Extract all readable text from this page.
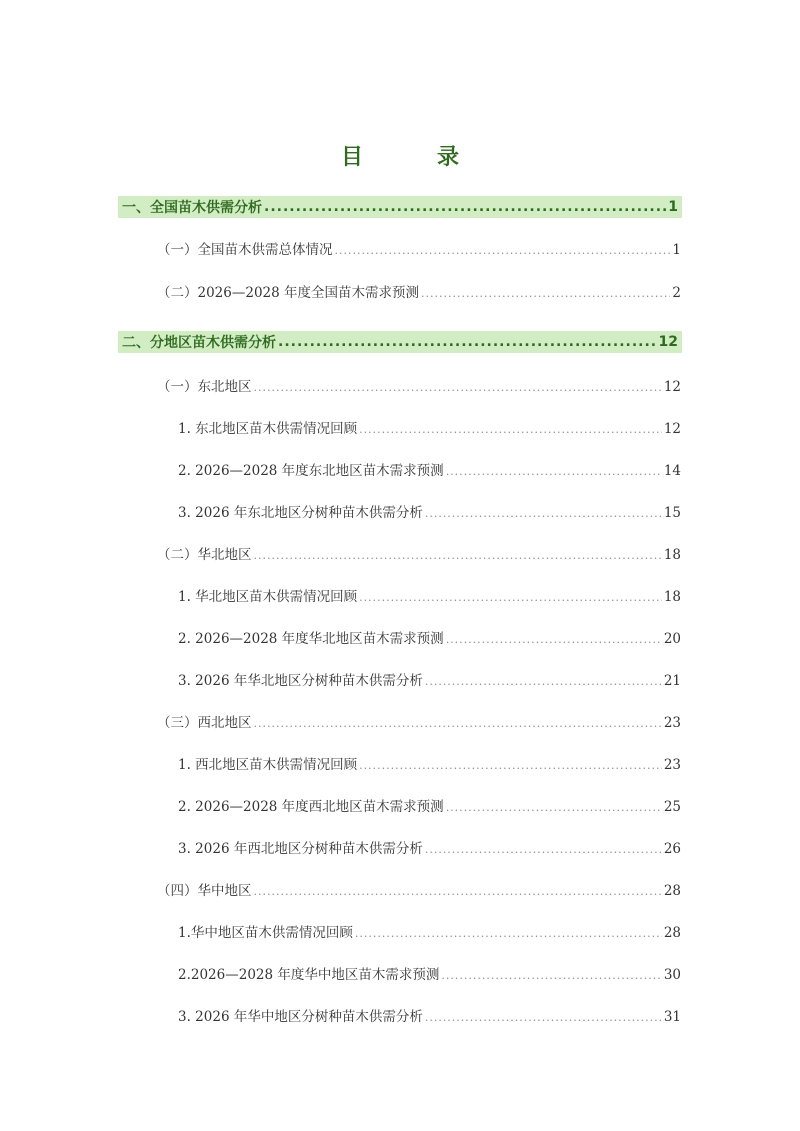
目　录
一、全国苗木供需分析 .....	1
（一）全国苗木供需总体情况 .....	1
（二）2026—2028 年度全国苗木需求预测 .....	2
二、分地区苗木供需分析 .....	12
（一）东北地区 .....	12
1. 东北地区苗木供需情况回顾 .....	12
2. 2026—2028 年度东北地区苗木需求预测 .....	14
3. 2026 年东北地区分树种苗木供需分析 .....	15
（二）华北地区 .....	18
1. 华北地区苗木供需情况回顾 .....	18
2. 2026—2028 年度华北地区苗木需求预测 .....	20
3. 2026 年华北地区分树种苗木供需分析 .....	21
（三）西北地区 .....	23
1. 西北地区苗木供需情况回顾 .....	23
2. 2026—2028 年度西北地区苗木需求预测 .....	25
3. 2026 年西北地区分树种苗木供需分析 .....	26
（四）华中地区 .....	28
1.华中地区苗木供需情况回顾 .....	28
2.2026—2028 年度华中地区苗木需求预测 .....	30
3. 2026 年华中地区分树种苗木供需分析 .....	31
